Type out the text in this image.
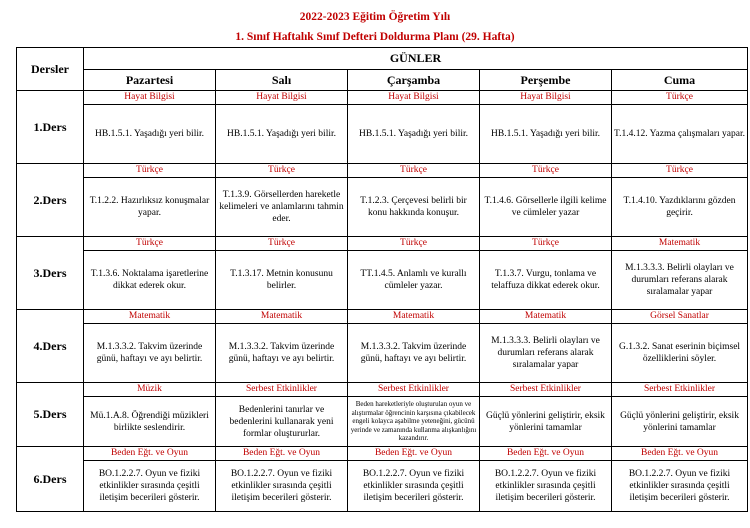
2022-2023 Eğitim Öğretim Yılı
1. Sınıf Haftalık Sınıf Defteri Doldurma Planı (29. Hafta)
Dersler	GÜNLER				
	Pazartesi	Salı	Çarşamba	Perşembe	Cuma
1.Ders	Hayat Bilgisi	Hayat Bilgisi	Hayat Bilgisi	Hayat Bilgisi	Türkçe
	HB.1.5.1. Yaşadığı yeri bilir.	HB.1.5.1. Yaşadığı yeri bilir.	HB.1.5.1. Yaşadığı yeri bilir.	HB.1.5.1. Yaşadığı yeri bilir.	T.1.4.12. Yazma çalışmaları yapar.
2.Ders	Türkçe	Türkçe	Türkçe	Türkçe	Türkçe
	T.1.2.2. Hazırlıksız konuşmalar yapar.	T.1.3.9. Görsellerden hareketle kelimeleri ve anlamlarını tahmin eder.	T.1.2.3. Çerçevesi belirli bir konu hakkında konuşur.	T.1.4.6. Görsellerle ilgili kelime ve cümleler yazar	T.1.4.10. Yazdıklarını gözden geçirir.
3.Ders	Türkçe	Türkçe	Türkçe	Türkçe	Matematik
	T.1.3.6. Noktalama işaretlerine dikkat ederek okur.	T.1.3.17. Metnin konusunu belirler.	TT.1.4.5. Anlamlı ve kurallı cümleler yazar.	T.1.3.7. Vurgu, tonlama ve telaffuza dikkat ederek okur.	M.1.3.3.3. Belirli olayları ve durumları referans alarak sıralamalar yapar
4.Ders	Matematik	Matematik	Matematik	Matematik	Görsel Sanatlar
	M.1.3.3.2. Takvim üzerinde günü, haftayı ve ayı belirtir.	M.1.3.3.2. Takvim üzerinde günü, haftayı ve ayı belirtir.	M.1.3.3.2. Takvim üzerinde günü, haftayı ve ayı belirtir.	M.1.3.3.3. Belirli olayları ve durumları referans alarak sıralamalar yapar	G.1.3.2. Sanat eserinin biçimsel özelliklerini söyler.
5.Ders	Müzik	Serbest Etkinlikler	Serbest Etkinlikler	Serbest Etkinlikler	Serbest Etkinlikler
	Mü.1.A.8. Öğrendiği müzikleri birlikte seslendirir.	Bedenlerini tanırlar ve bedenlerini kullanarak yeni formlar oluştururlar.	Beden hareketleriyle oluşturulan oyun ve alıştırmalar öğrencinin karşısına çıkabilecek engeli kolayca aşabilme yeteneğini, gücünü yerinde ve zamanında kullanma alışkanlığını kazandırır.	Güçlü yönlerini geliştirir, eksik yönlerini tamamlar	Güçlü yönlerini geliştirir, eksik yönlerini tamamlar
6.Ders	Beden Eğt. ve Oyun	Beden Eğt. ve Oyun	Beden Eğt. ve Oyun	Beden Eğt. ve Oyun	Beden Eğt. ve Oyun
	BO.1.2.2.7. Oyun ve fiziki etkinlikler sırasında çeşitli iletişim becerileri gösterir.	BO.1.2.2.7. Oyun ve fiziki etkinlikler sırasında çeşitli iletişim becerileri gösterir.	BO.1.2.2.7. Oyun ve fiziki etkinlikler sırasında çeşitli iletişim becerileri gösterir.	BO.1.2.2.7. Oyun ve fiziki etkinlikler sırasında çeşitli iletişim becerileri gösterir.	BO.1.2.2.7. Oyun ve fiziki etkinlikler sırasında çeşitli iletişim becerileri gösterir.
